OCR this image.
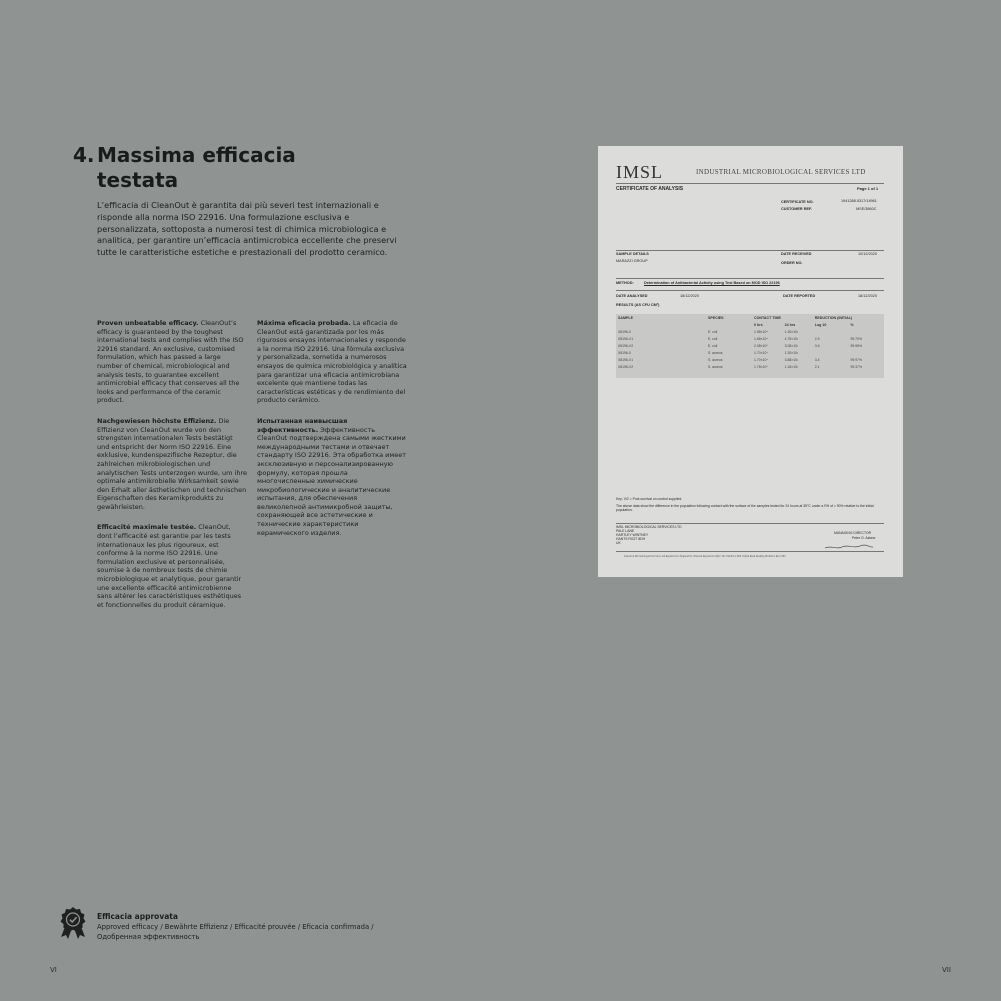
4. Massima efficacia
testata

L’efficacia di CleanOut è garantita dai più severi test internazionali e risponde alla norma ISO 22916. Una formulazione esclusiva e personalizzata, sottoposta a numerosi test di chimica microbiologica e analitica, per garantire un’efficacia antimicrobica eccellente che preservi tutte le caratteristiche estetiche e prestazionali del prodotto ceramico.

Proven unbeatable efficacy. CleanOut’s efficacy is guaranteed by the toughest international tests and complies with the ISO 22916 standard. An exclusive, customised formulation, which has passed a large number of chemical, microbiological and analysis tests, to guarantee excellent antimicrobial efficacy that conserves all the looks and performance of the ceramic product.

Nachgewiesen höchste Effizienz. Die Effizienz von CleanOut wurde von den strengsten internationalen Tests bestätigt und entspricht der Norm ISO 22916. Eine exklusive, kundenspezifische Rezeptur, die zahlreichen mikrobiologischen und analytischen Tests unterzogen wurde, um ihre optimale antimikrobielle Wirksamkeit sowie den Erhalt aller ästhetischen und technischen Eigenschaften des Keramikprodukts zu gewährleisten.

Efficacité maximale testée. CleanOut, dont l’efficacité est garantie par les tests internationaux les plus rigoureux, est conforme à la norme ISO 22916. Une formulation exclusive et personnalisée, soumise à de nombreux tests de chimie microbiologique et analytique, pour garantir une excellente efficacité antimicrobienne sans altérer les caractéristiques esthétiques et fonctionnelles du produit céramique.

Máxima eficacia probada. La eficacia de CleanOut está garantizada por los más rigurosos ensayos internacionales y responde a la norma ISO 22916. Una fórmula exclusiva y personalizada, sometida a numerosos ensayos de química microbiológica y analítica para garantizar una eficacia antimicrobiana excelente que mantiene todas las características estéticas y de rendimiento del producto cerámico.

Испытанная наивысшая эффективность. Эффективность CleanOut подтверждена самыми жесткими международными тестами и отвечает стандарту ISO 22916. Эта обработка имеет эксклюзивную и персонализированную формулу, которая прошла многочисленные химические микробиологические и аналитические испытания, для обеспечения великолепной антимикробной защиты, сохраняющей все эстетические и технические характеристики керамического изделия.

IMSL	INDUSTRIAL MICROBIOLOGICAL SERVICES LTD
CERTIFICATE OF ANALYSIS	Page 1 of 1
CERTIFICATE NO.	1941288.5317/14961
CUSTOMER REF.	MSE/3860C
SAMPLE DETAILS
MARAZZI GROUP
DATE RECEIVED	10/12/2020
ORDER NO.
METHOD:	Determination of Antibacterial Activity using Test Based on MOD ISO 22196
DATE ANALYSED	18/12/2020	DATE REPORTED	18/12/2020
RESULTS (AS CFU CM²)
SAMPLE	SPECIES	CONTACT TIME		REDUCTION (INITIAL)	
		0 hrs	24 hrs	Log 10	%
X8196-0	E. coli	1.58×10⁴	1.30×10²		
X8196-V1	E. coli	1.68×10⁴	4.75×10¹	2.5	99.70%
X8196-V2	E. coli	2.08×10⁴	3.08×10¹	3.6	99.98%
X8196-0	S. aureus	1.70×10⁴	1.30×10²		
X8196-V1	S. aureus	1.70×10⁴	3.88×10¹	3.4	99.97%
X8196-V2	S. aureus	1.78×10⁴	1.18×10²	2.1	99.37%
Key: V/2 = Post survival on control supplied.
The above data show the difference in the population following contact with the surface of the samples tested for 24 hours at 35°C under a RH of > 90% relative to the initial population.
IMSL MICROBIOLOGICAL SERVICES LTD
PALE LANE
HARTLEY WINTNEY
HANTS RG27 8DH
UK
MANAGING DIRECTOR
Peter O. Askew
Industrial Microbiological Services Ltd Registered in England No 2044419 Registered Office The Old Brew Hall Oxford Road Reading Berkshire RG4 7RS
Efficacia approvata
Approved efficacy / Bewährte Effizienz / Efficacité prouvée / Eficacia confirmada / Одобренная эффективность
VI	VII
